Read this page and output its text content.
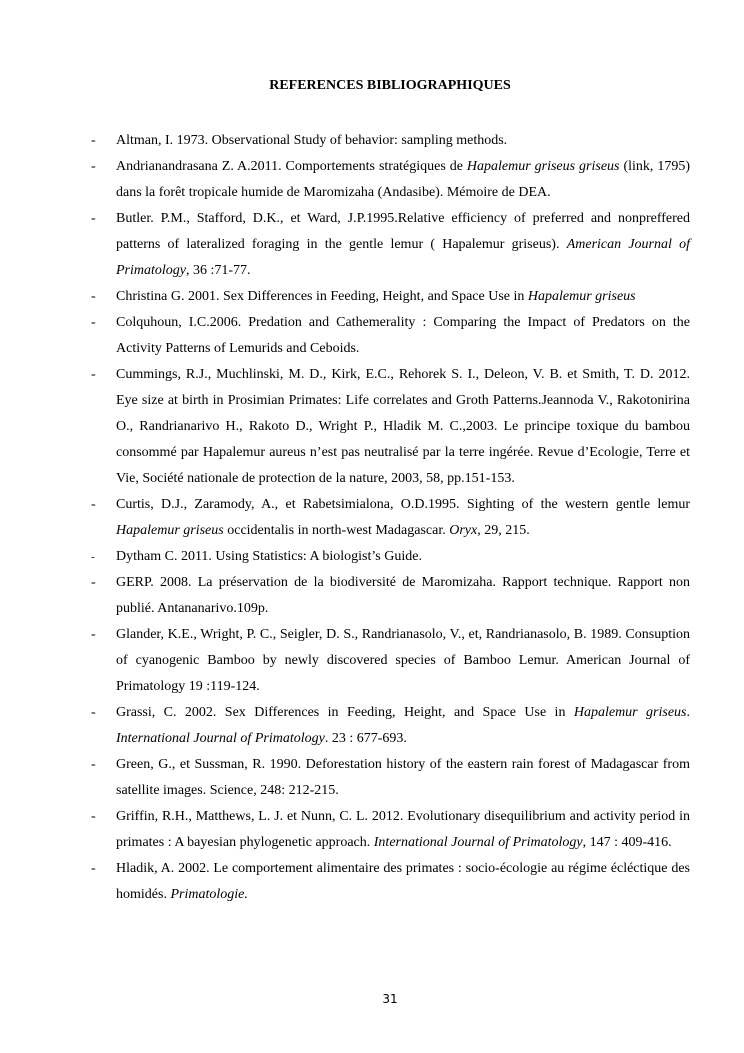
REFERENCES BIBLIOGRAPHIQUES
- Altman, I. 1973. Observational Study of behavior: sampling methods.
- Andrianandrasana Z. A.2011. Comportements stratégiques de Hapalemur griseus griseus (link, 1795) dans la forêt tropicale humide de Maromizaha (Andasibe). Mémoire de DEA.
- Butler. P.M., Stafford, D.K., et Ward, J.P.1995.Relative efficiency of preferred and nonpreffered patterns of lateralized foraging in the gentle lemur ( Hapalemur griseus). American Journal of Primatology, 36 :71-77.
- Christina G. 2001. Sex Differences in Feeding, Height, and Space Use in Hapalemur griseus
- Colquhoun, I.C.2006. Predation and Cathemerality : Comparing the Impact of Predators on the Activity Patterns of Lemurids and Ceboids.
- Cummings, R.J., Muchlinski, M. D., Kirk, E.C., Rehorek S. I., Deleon, V. B. et Smith, T. D. 2012. Eye size at birth in Prosimian Primates: Life correlates and Groth Patterns.Jeannoda V., Rakotonirina O., Randrianarivo H., Rakoto D., Wright P., Hladik M. C.,2003. Le principe toxique du bambou consommé par Hapalemur aureus n’est pas neutralisé par la terre ingérée. Revue d’Ecologie, Terre et Vie, Société nationale de protection de la nature, 2003, 58, pp.151-153.
- Curtis, D.J., Zaramody, A., et Rabetsimialona, O.D.1995. Sighting of the western gentle lemur Hapalemur griseus occidentalis in north-west Madagascar. Oryx, 29, 215.
- Dytham C. 2011. Using Statistics: A biologist’s Guide.
- GERP. 2008. La préservation de la biodiversité de Maromizaha. Rapport technique. Rapport non publié. Antananarivo.109p.
- Glander, K.E., Wright, P. C., Seigler, D. S., Randrianasolo, V., et, Randrianasolo, B. 1989. Consuption of cyanogenic Bamboo by newly discovered species of Bamboo Lemur. American Journal of Primatology 19 :119-124.
- Grassi, C. 2002. Sex Differences in Feeding, Height, and Space Use in Hapalemur griseus. International Journal of Primatology. 23 : 677-693.
- Green, G., et Sussman, R. 1990. Deforestation history of the eastern rain forest of Madagascar from satellite images. Science, 248: 212-215.
- Griffin, R.H., Matthews, L. J. et Nunn, C. L. 2012. Evolutionary disequilibrium and activity period in primates : A bayesian phylogenetic approach. International Journal of Primatology, 147 : 409-416.
- Hladik, A. 2002. Le comportement alimentaire des primates : socio-écologie au régime écléctique des homidés. Primatologie.
31
